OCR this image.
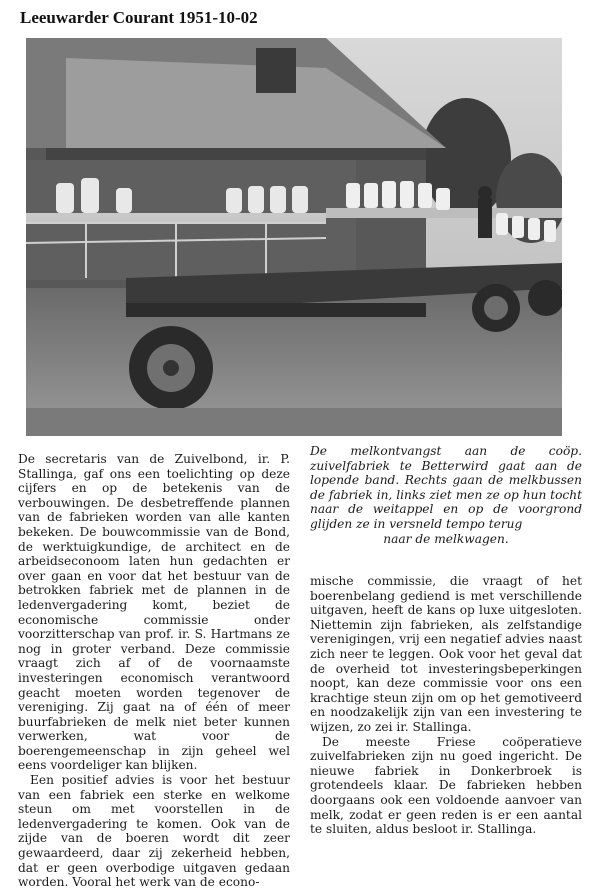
Leeuwarder Courant 1951-10-02
De melkontvangst aan de coöp. zuivelfabriek te Betterwird gaat aan de lopende band. Rechts gaan de melkbussen de fabriek in, links ziet men ze op hun tocht naar de weitappel en op de voorgrond glijden ze in versneld tempo terug
naar de melkwagen.

De secretaris van de Zuivelbond, ir. P. Stallinga, gaf ons een toelichting op deze cijfers en op de betekenis van de verbouwingen. De desbetreffende plannen van de fabrieken worden van alle kanten bekeken. De bouwcommissie van de Bond, de werktuigkundige, de architect en de arbeidseconoom laten hun gedachten er over gaan en voor dat het bestuur van de betrokken fabriek met de plannen in de ledenvergadering komt, beziet de economische commissie onder voorzitterschap van prof. ir. S. Hartmans ze nog in groter verband. Deze commissie vraagt zich af of de voornaamste investeringen economisch verantwoord geacht moeten worden tegenover de vereniging. Zij gaat na of één of meer buurfabrieken de melk niet beter kunnen verwerken, wat voor de boerengemeenschap in zijn geheel wel eens voordeliger kan blijken.

Een positief advies is voor het bestuur van een fabriek een sterke en welkome steun om met voorstellen in de ledenvergadering te komen. Ook van de zijde van de boeren wordt dit zeer gewaardeerd, daar zij zekerheid hebben, dat er geen overbodige uitgaven gedaan worden. Vooral het werk van de econo-

mische commissie, die vraagt of het boerenbelang gediend is met verschillende uitgaven, heeft de kans op luxe uitgesloten. Niettemin zijn fabrieken, als zelfstandige verenigingen, vrij een negatief advies naast zich neer te leggen. Ook voor het geval dat de overheid tot investeringsbeperkingen noopt, kan deze commissie voor ons een krachtige steun zijn om op het gemotiveerd en noodzakelijk zijn van een investering te wijzen, zo zei ir. Stallinga.

De meeste Friese coöperatieve zuivelfabrieken zijn nu goed ingericht. De nieuwe fabriek in Donkerbroek is grotendeels klaar. De fabrieken hebben doorgaans ook een voldoende aanvoer van melk, zodat er geen reden is er een aantal te sluiten, aldus besloot ir. Stallinga.
